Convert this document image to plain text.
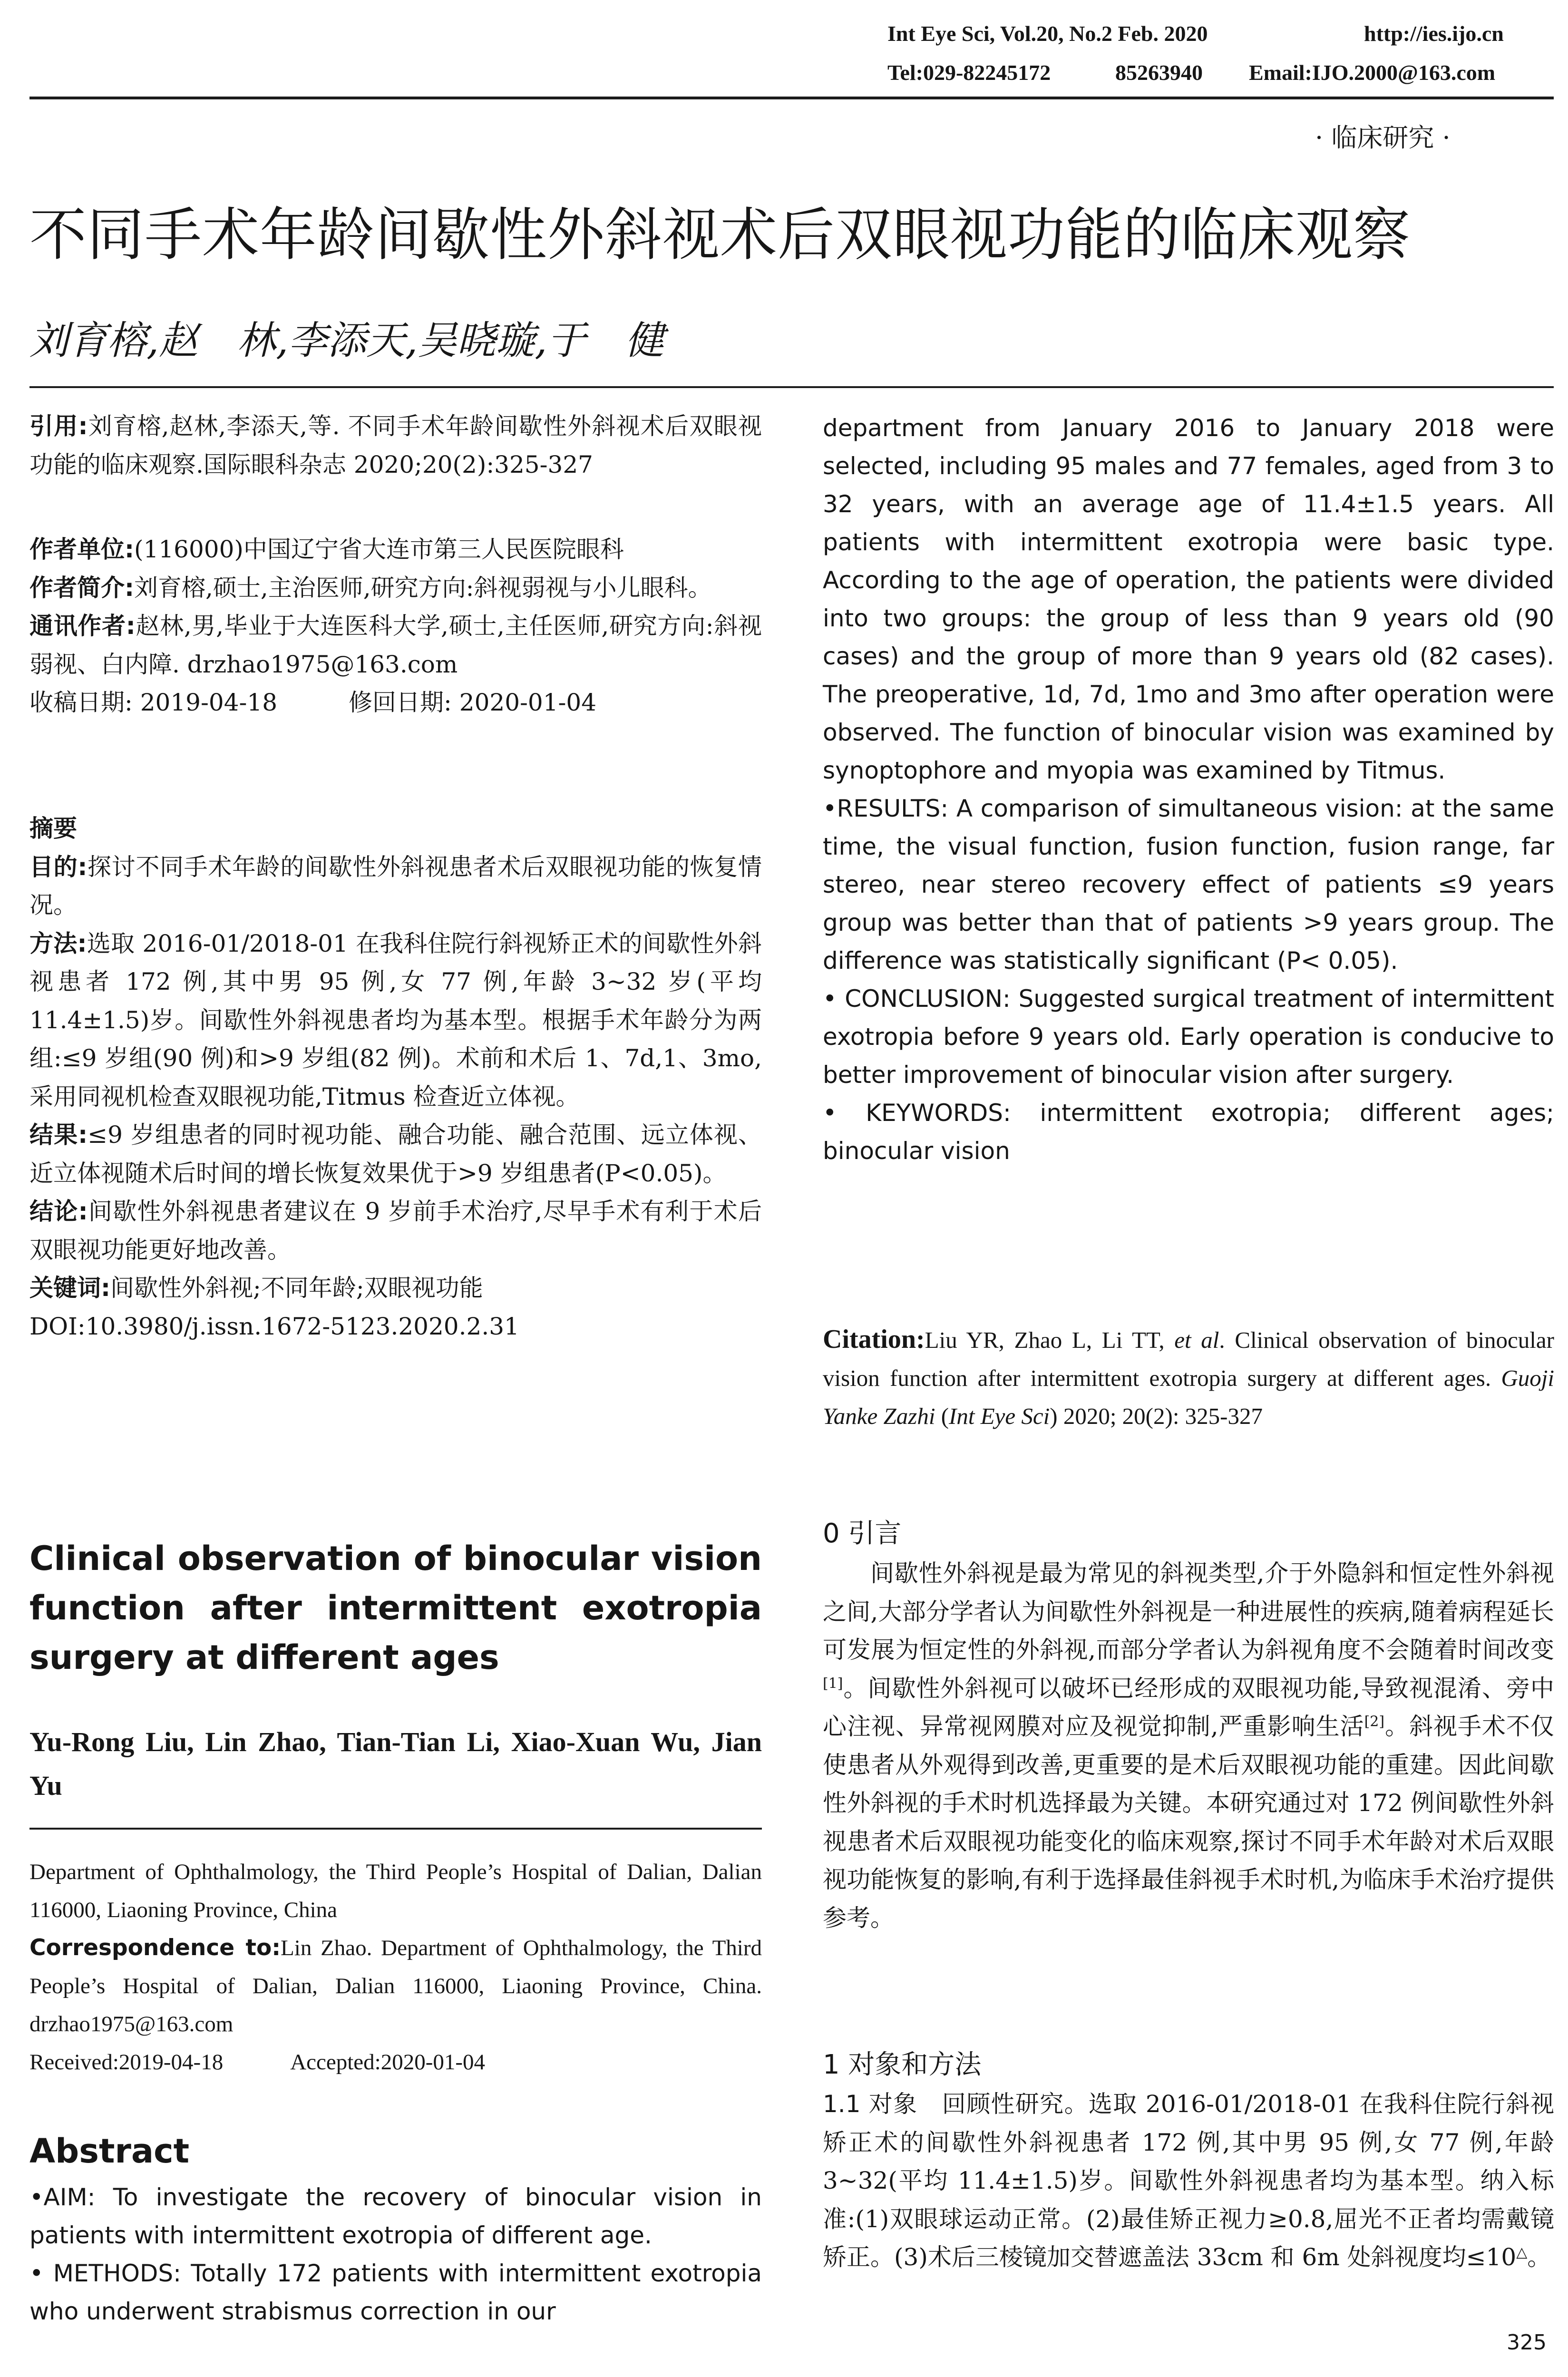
Int Eye Sci, Vol.20, No.2 Feb. 2020	http://ies.ijo.cn
Tel:029-82245172	85263940 Email:IJO.2000@163.com
· 临床研究 ·
不同手术年龄间歇性外斜视术后双眼视功能的临床观察
刘育榕,赵　林,李添天,吴晓璇,于　健
引用:刘育榕,赵林,李添天,等. 不同手术年龄间歇性外斜视术后双眼视功能的临床观察.国际眼科杂志 2020;20(2):325-327
作者单位:(116000)中国辽宁省大连市第三人民医院眼科
作者简介:刘育榕,硕士,主治医师,研究方向:斜视弱视与小儿眼科。
通讯作者:赵林,男,毕业于大连医科大学,硕士,主任医师,研究方向:斜视弱视、白内障. drzhao1975@163.com
收稿日期: 2019-04-18　　　	修回日期: 2020-01-04
摘要
目的:探讨不同手术年龄的间歇性外斜视患者术后双眼视功能的恢复情况。
方法:选取 2016-01/2018-01 在我科住院行斜视矫正术的间歇性外斜视患者 172 例,其中男 95 例,女 77 例,年龄 3~32 岁(平均 11.4±1.5)岁。间歇性外斜视患者均为基本型。根据手术年龄分为两组:≤9 岁组(90 例)和>9 岁组(82 例)。术前和术后 1、7d,1、3mo,采用同视机检查双眼视功能,Titmus 检查近立体视。
结果:≤9 岁组患者的同时视功能、融合功能、融合范围、远立体视、近立体视随术后时间的增长恢复效果优于>9 岁组患者(P<0.05)。
结论:间歇性外斜视患者建议在 9 岁前手术治疗,尽早手术有利于术后双眼视功能更好地改善。
关键词:间歇性外斜视;不同年龄;双眼视功能
DOI:10.3980/j.issn.1672-5123.2020.2.31
Clinical observation of binocular vision function after intermittent exotropia surgery at different ages
Yu-Rong Liu, Lin Zhao, Tian-Tian Li, Xiao-Xuan Wu, Jian Yu
Department of Ophthalmology, the Third People’s Hospital of Dalian, Dalian 116000, Liaoning Province, China
Correspondence to:Lin Zhao. Department of Ophthalmology, the Third People’s Hospital of Dalian, Dalian 116000, Liaoning Province, China. drzhao1975@163.com
Received:2019-04-18　　　	Accepted:2020-01-04
Abstract
•AIM: To investigate the recovery of binocular vision in patients with intermittent exotropia of different age.
• METHODS: Totally 172 patients with intermittent exotropia who underwent strabismus correction in our
department from January 2016 to January 2018 were selected, including 95 males and 77 females, aged from 3 to 32 years, with an average age of 11.4±1.5 years. All patients with intermittent exotropia were basic type. According to the age of operation, the patients were divided into two groups: the group of less than 9 years old (90 cases) and the group of more than 9 years old (82 cases). The preoperative, 1d, 7d, 1mo and 3mo after operation were observed. The function of binocular vision was examined by synoptophore and myopia was examined by Titmus.
•RESULTS: A comparison of simultaneous vision: at the same time, the visual function, fusion function, fusion range, far stereo, near stereo recovery effect of patients ≤9 years group was better than that of patients >9 years group. The difference was statistically significant (P< 0.05).
• CONCLUSION: Suggested surgical treatment of intermittent exotropia before 9 years old. Early operation is conducive to better improvement of binocular vision after surgery.
• KEYWORDS: intermittent exotropia; different ages; binocular vision
Citation:Liu YR, Zhao L, Li TT, et al. Clinical observation of binocular vision function after intermittent exotropia surgery at different ages. Guoji Yanke Zazhi (Int Eye Sci) 2020; 20(2): 325-327
0 引言
间歇性外斜视是最为常见的斜视类型,介于外隐斜和恒定性外斜视之间,大部分学者认为间歇性外斜视是一种进展性的疾病,随着病程延长可发展为恒定性的外斜视,而部分学者认为斜视角度不会随着时间改变[1]。间歇性外斜视可以破坏已经形成的双眼视功能,导致视混淆、旁中心注视、异常视网膜对应及视觉抑制,严重影响生活[2]。斜视手术不仅使患者从外观得到改善,更重要的是术后双眼视功能的重建。因此间歇性外斜视的手术时机选择最为关键。本研究通过对 172 例间歇性外斜视患者术后双眼视功能变化的临床观察,探讨不同手术年龄对术后双眼视功能恢复的影响,有利于选择最佳斜视手术时机,为临床手术治疗提供参考。
1 对象和方法
1.1 对象　回顾性研究。选取 2016-01/2018-01 在我科住院行斜视矫正术的间歇性外斜视患者 172 例,其中男 95 例,女 77 例,年龄 3~32(平均 11.4±1.5)岁。间歇性外斜视患者均为基本型。纳入标准:(1)双眼球运动正常。(2)最佳矫正视力≥0.8,屈光不正者均需戴镜矫正。(3)术后三棱镜加交替遮盖法 33cm 和 6m 处斜视度均≤10△。
325
